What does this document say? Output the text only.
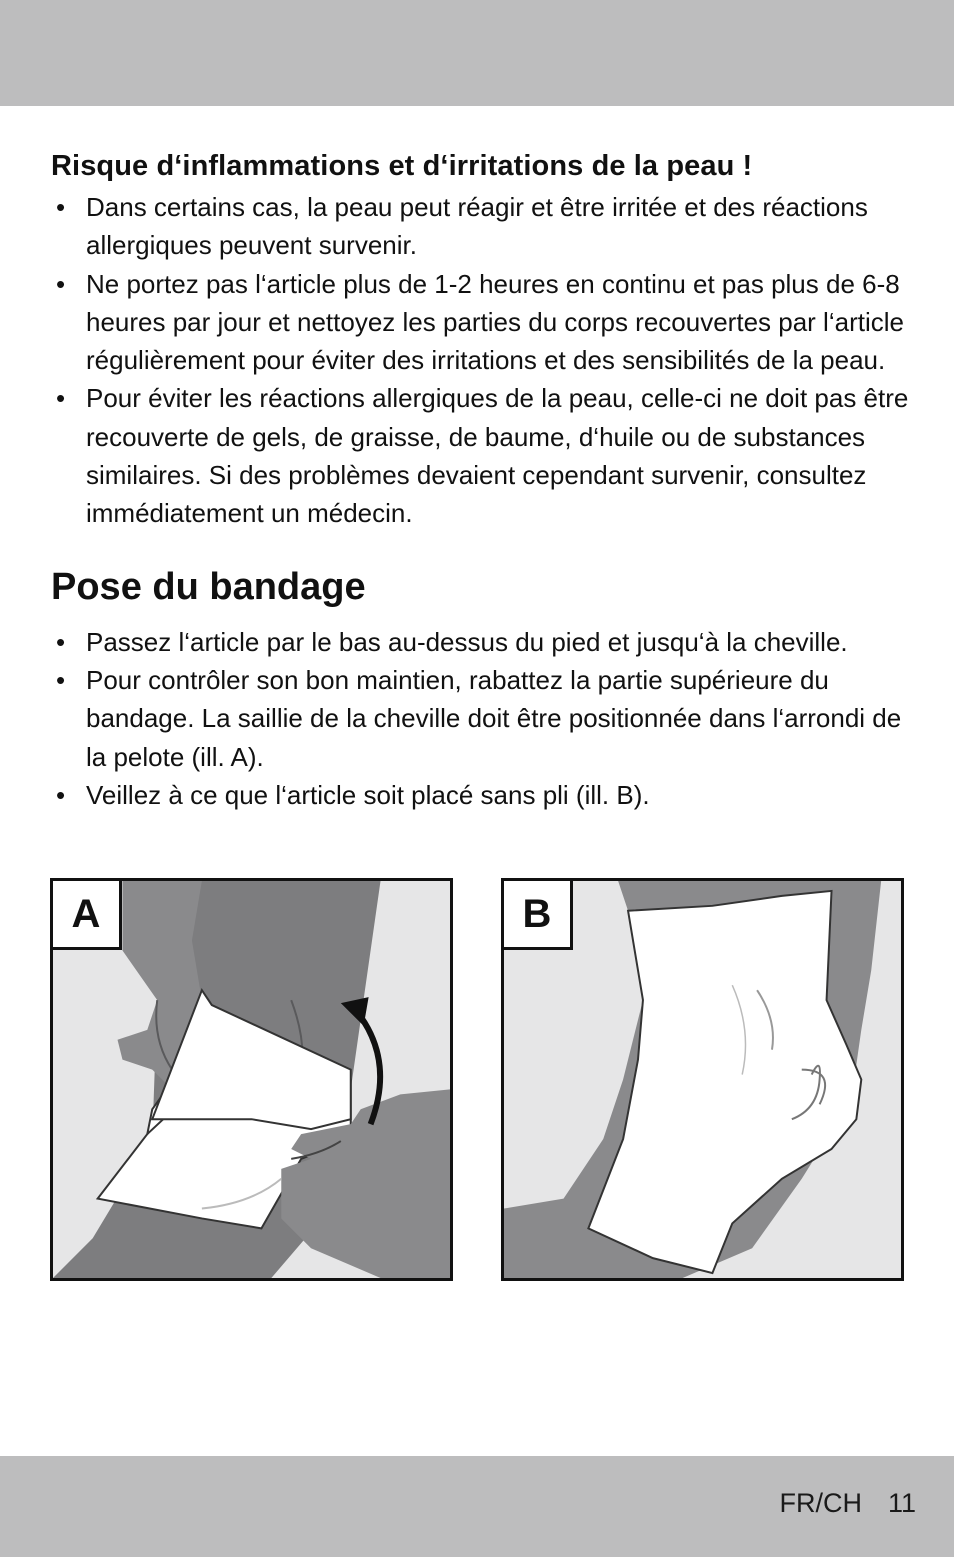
Risque d‘inflammations et d‘irritations de la peau !
• Dans certains cas, la peau peut réagir et être irritée et des réactions allergiques peuvent survenir.
• Ne portez pas l‘article plus de 1-2 heures en continu et pas plus de 6-8 heures par jour et nettoyez les parties du corps recouvertes par l‘article régulièrement pour éviter des irritations et des sensibilités de la peau.
• Pour éviter les réactions allergiques de la peau, celle-ci ne doit pas être recouverte de gels, de graisse, de baume, d‘huile ou de substances similaires. Si des problèmes devaient cependant survenir, consultez immédiatement un médecin.
Pose du bandage
• Passez l‘article par le bas au-dessus du pied et jusqu‘à la cheville.
• Pour contrôler son bon maintien, rabattez la partie supérieure du bandage. La saillie de la cheville doit être positionnée dans l‘arrondi de la pelote (ill. A).
• Veillez à ce que l‘article soit placé sans pli (ill. B).
A	B
FR/CH 11
